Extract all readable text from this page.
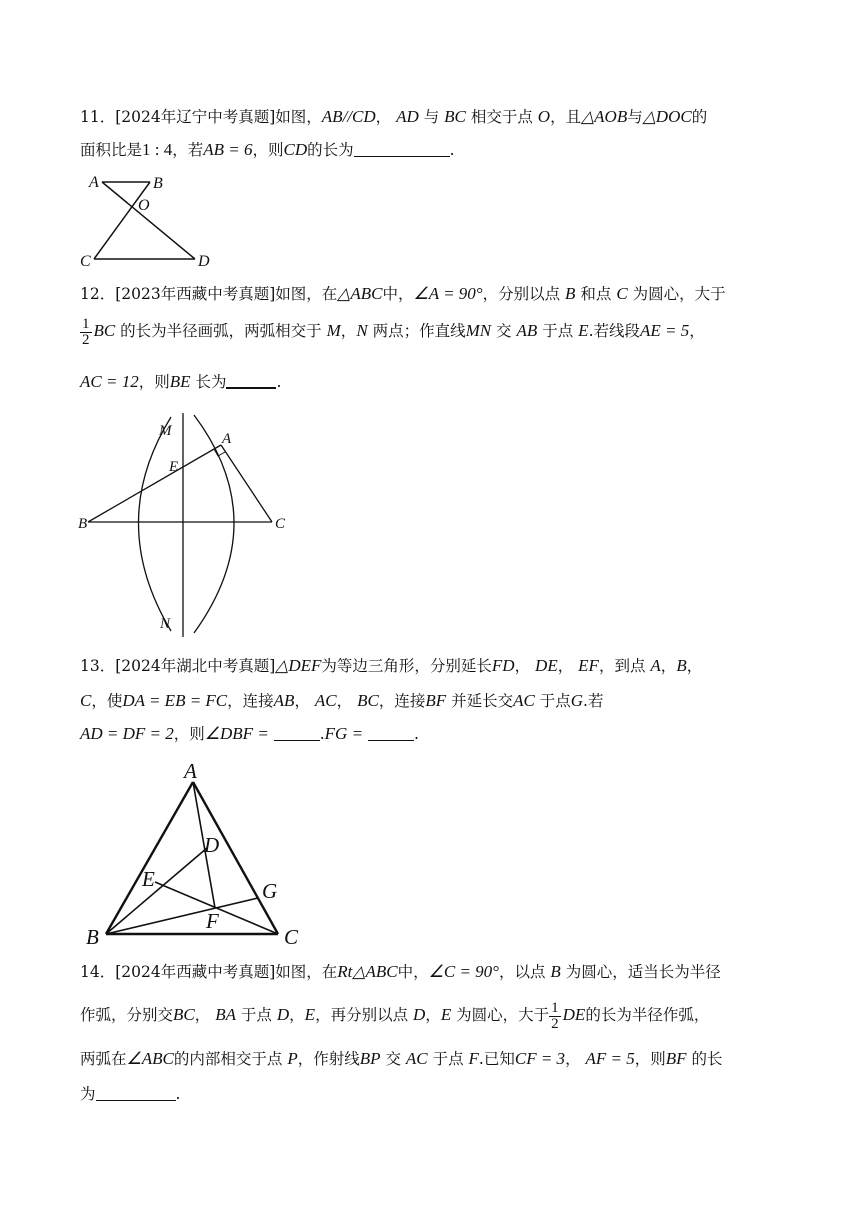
11．[2024年辽宁中考真题]如图，AB//CD， AD 与 BC 相交于点 O，且△AOB与△DOC的
面积比是1 : 4，若AB = 6，则CD的长为	.
A	B
O
C	D
12．[2023年西藏中考真题]如图，在△ABC中，∠A = 90°，分别以点 B 和点 C 为圆心，大于
$\frac{1}{2}$ BC 的长为半径画弧，两弧相交于 M，N 两点；作直线MN 交 AB 于点 E.若线段AE = 5，
AC = 12，则BE 长为	.
M	A
E
B	C
N
13．[2024年湖北中考真题]△DEF为等边三角形，分别延长FD， DE， EF，到点 A，B，
C，使DA = EB = FC，连接AB， AC， BC，连接BF 并延长交AC 于点G.若
AD = DF = 2，则∠DBF =	.FG =	.
A
D
E	G
F
B	C
14．[2024年西藏中考真题]如图，在Rt△ABC中，∠C = 90°，以点 B 为圆心，适当长为半径
作弧，分别交BC， BA 于点 D，E，再分别以点 D，E 为圆心，大于 $\frac{1}{2}$ DE的长为半径作弧，
两弧在∠ABC的内部相交于点 P，作射线BP 交 AC 于点 F.已知CF = 3， AF = 5，则BF 的长
为	.
